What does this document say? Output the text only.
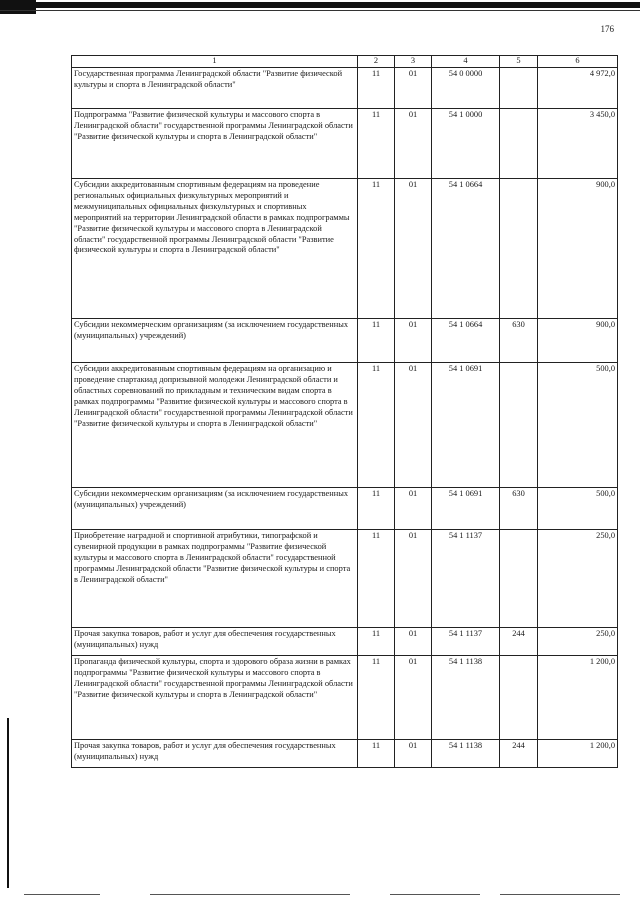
176
1	2	3	4	5	6
Государственная программа Ленинградской области "Развитие физической культуры и спорта в Ленинградской области"	11	01	54 0 0000		4 972,0
Подпрограмма "Развитие физической культуры и массового спорта в Ленинградской области" государственной программы Ленинградской области "Развитие физической культуры и спорта в Ленинградской области"	11	01	54 1 0000		3 450,0
Субсидии аккредитованным спортивным федерациям на проведение региональных официальных физкультурных мероприятий и межмуниципальных официальных физкультурных и спортивных мероприятий на территории Ленинградской области в рамках подпрограммы "Развитие физической культуры и массового спорта в Ленинградской области" государственной программы Ленинградской области "Развитие физической культуры и спорта в Ленинградской области"	11	01	54 1 0664		900,0
Субсидии некоммерческим организациям (за исключением государственных (муниципальных) учреждений)	11	01	54 1 0664	630	900,0
Субсидии аккредитованным спортивным федерациям на организацию и проведение спартакиад допризывной молодежи Ленинградской области и областных соревнований по прикладным и техническим видам спорта в рамках подпрограммы "Развитие физической культуры и массового спорта в Ленинградской области" государственной программы Ленинградской области "Развитие физической культуры и спорта в Ленинградской области"	11	01	54 1 0691		500,0
Субсидии некоммерческим организациям (за исключением государственных (муниципальных) учреждений)	11	01	54 1 0691	630	500,0
Приобретение наградной и спортивной атрибутики, типографской и сувенирной продукции в рамках подпрограммы "Развитие физической культуры и массового спорта в Ленинградской области" государственной программы Ленинградской области "Развитие физической культуры и спорта в Ленинградской области"	11	01	54 1 1137		250,0
Прочая закупка товаров, работ и услуг для обеспечения государственных (муниципальных) нужд	11	01	54 1 1137	244	250,0
Пропаганда физической культуры, спорта и здорового образа жизни в рамках подпрограммы "Развитие физической культуры и массового спорта в Ленинградской области" государственной программы Ленинградской области "Развитие физической культуры и спорта в Ленинградской области"	11	01	54 1 1138		1 200,0
Прочая закупка товаров, работ и услуг для обеспечения государственных (муниципальных) нужд	11	01	54 1 1138	244	1 200,0
